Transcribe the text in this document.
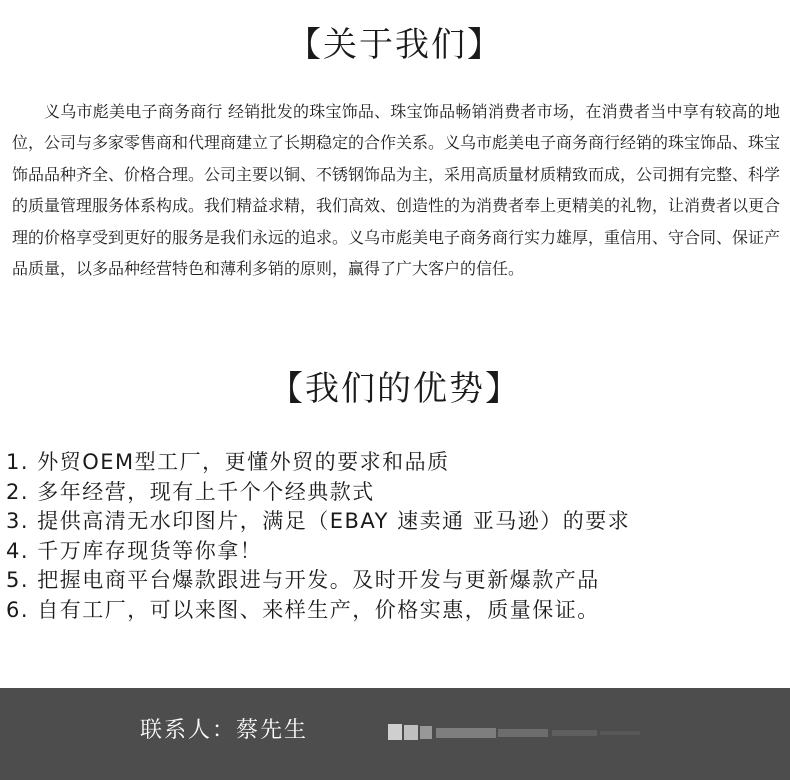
【关于我们】

义乌市彪美电子商务商行 经销批发的珠宝饰品、珠宝饰品畅销消费者市场，在消费者当中享有较高的地位，公司与多家零售商和代理商建立了长期稳定的合作关系。义乌市彪美电子商务商行经销的珠宝饰品、珠宝饰品品种齐全、价格合理。公司主要以铜、不锈钢饰品为主，采用高质量材质精致而成，公司拥有完整、科学的质量管理服务体系构成。我们精益求精，我们高效、创造性的为消费者奉上更精美的礼物，让消费者以更合理的价格享受到更好的服务是我们永远的追求。义乌市彪美电子商务商行实力雄厚，重信用、守合同、保证产品质量，以多品种经营特色和薄利多销的原则，赢得了广大客户的信任。

【我们的优势】
1. 外贸OEM型工厂，更懂外贸的要求和品质
2. 多年经营，现有上千个个经典款式
3. 提供高清无水印图片，满足（EBAY 速卖通 亚马逊）的要求
4. 千万库存现货等你拿！
5. 把握电商平台爆款跟进与开发。及时开发与更新爆款产品
6. 自有工厂，可以来图、来样生产，价格实惠，质量保证。
联系人：蔡先生
